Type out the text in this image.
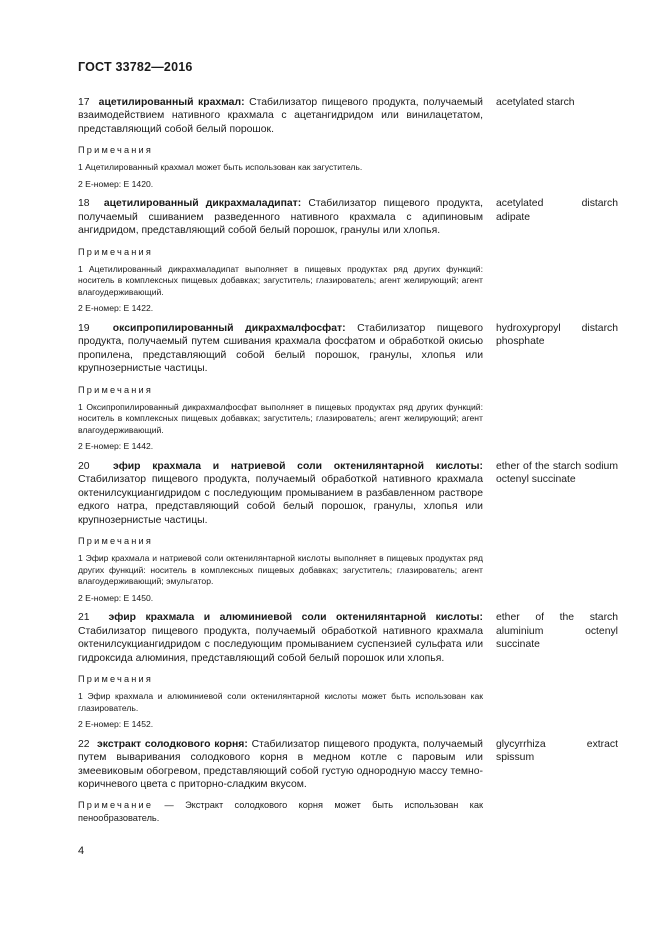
ГОСТ 33782—2016
17 ацетилированный крахмал: Стабилизатор пищевого продукта, получаемый взаимодействием нативного крахмала с ацетангидридом или винилацетатом, представляющий собой белый порошок.
acetylated starch
Примечания
1 Ацетилированный крахмал может быть использован как загуститель.
2 Е-номер: Е 1420.
18 ацетилированный дикрахмаладипат: Стабилизатор пищевого продукта, получаемый сшиванием разведенного нативного крахмала с адипиновым ангидридом, представляющий собой белый порошок, гранулы или хлопья.
acetylated distarch adipate
Примечания
1 Ацетилированный дикрахмаладипат выполняет в пищевых продуктах ряд других функций: носитель в комплексных пищевых добавках; загуститель; глазирователь; агент желирующий; агент влагоудерживающий.
2 Е-номер: Е 1422.
19 оксипропилированный дикрахмалфосфат: Стабилизатор пищевого продукта, получаемый путем сшивания крахмала фосфатом и обработкой окисью пропилена, представляющий собой белый порошок, гранулы, хлопья или крупнозернистые частицы.
hydroxypropyl distarch phosphate
Примечания
1 Оксипропилированный дикрахмалфосфат выполняет в пищевых продуктах ряд других функций: носитель в комплексных пищевых добавках; загуститель; глазирователь; агент желирующий; агент влагоудерживающий.
2 Е-номер: Е 1442.
20 эфир крахмала и натриевой соли октенилянтарной кислоты: Стабилизатор пищевого продукта, получаемый обработкой нативного крахмала октенилсукциангидридом с последующим промыванием в разбавленном растворе едкого натра, представляющий собой белый порошок, гранулы, хлопья или крупнозернистые частицы.
ether of the starch sodium octenyl succinate
Примечания
1 Эфир крахмала и натриевой соли октенилянтарной кислоты выполняет в пищевых продуктах ряд других функций: носитель в комплексных пищевых добавках; загуститель; глазирователь; агент влагоудерживающий; эмульгатор.
2 Е-номер: Е 1450.
21 эфир крахмала и алюминиевой соли октенилянтарной кислоты: Стабилизатор пищевого продукта, получаемый обработкой нативного крахмала октенилсукциангидридом с последующим промыванием суспензией сульфата или гидроксида алюминия, представляющий собой белый порошок или хлопья.
ether of the starch aluminium octenyl succinate
Примечания
1 Эфир крахмала и алюминиевой соли октенилянтарной кислоты может быть использован как глазирователь.
2 Е-номер: Е 1452.
22 экстракт солодкового корня: Стабилизатор пищевого продукта, получаемый путем вываривания солодкового корня в медном котле с паровым или змеевиковым обогревом, представляющий собой густую однородную массу темно-коричневого цвета с приторно-сладким вкусом.
glycyrrhiza extract spissum
Примечание — Экстракт солодкового корня может быть использован как пенообразователь.
4
